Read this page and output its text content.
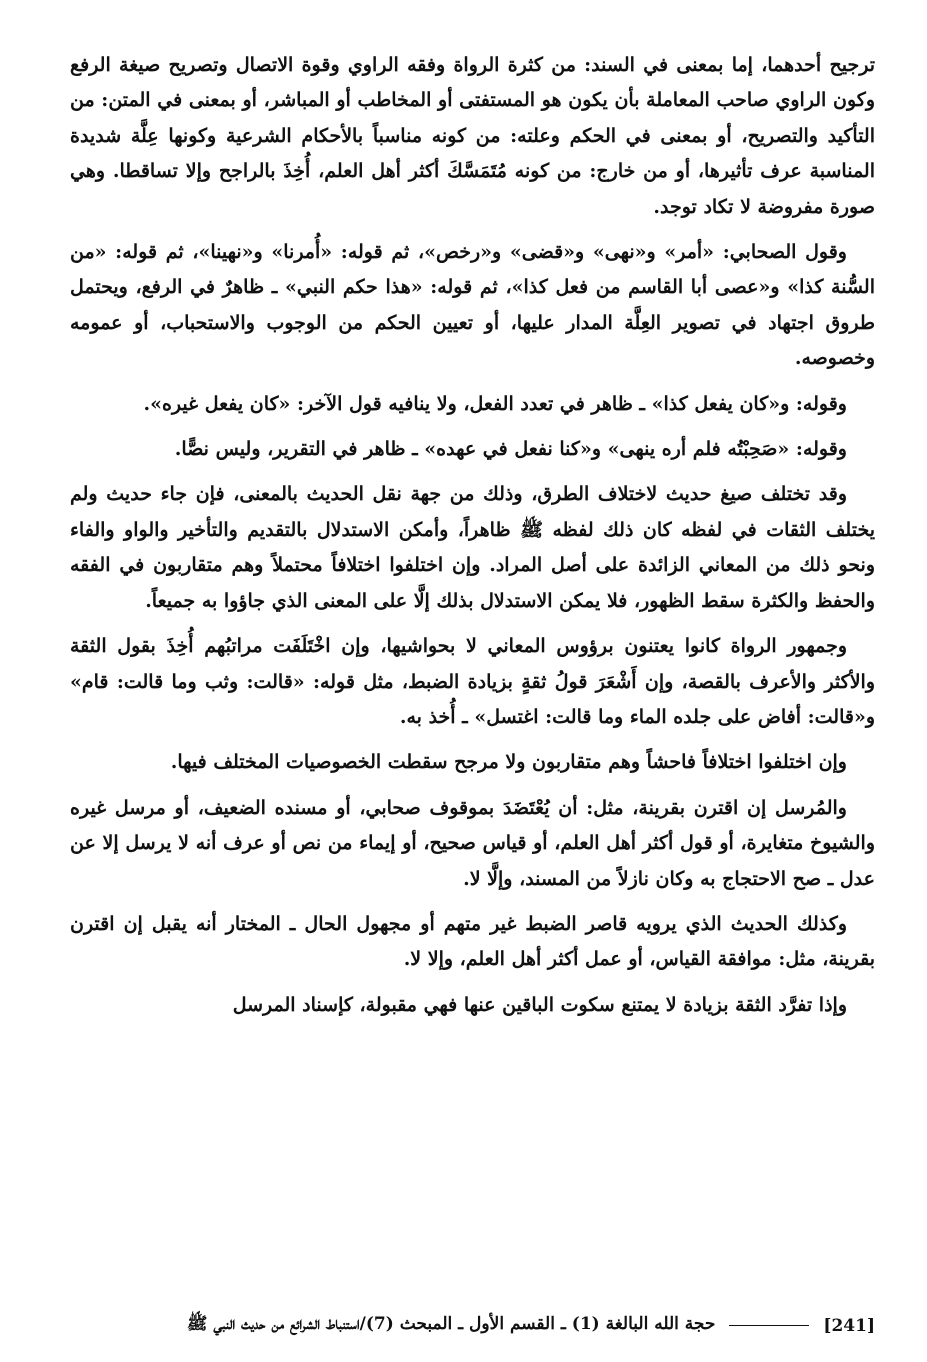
ترجيح أحدهما، إما بمعنى في السند: من كثرة الرواة وفقه الراوي وقوة الاتصال وتصريح صيغة الرفع وكون الراوي صاحب المعاملة بأن يكون هو المستفتى أو المخاطب أو المباشر، أو بمعنى في المتن: من التأكيد والتصريح، أو بمعنى في الحكم وعلته: من كونه مناسباً بالأحكام الشرعية وكونها عِلَّة شديدة المناسبة عرف تأثيرها، أو من خارج: من كونه مُتَمَسَّكَ أكثر أهل العلم، أُخِذَ بالراجح وإلا تساقطا. وهي صورة مفروضة لا تكاد توجد.

وقول الصحابي: «أمر» و«نهى» و«قضى» و«رخص»، ثم قوله: «أُمرنا» و«نهينا»، ثم قوله: «من السُّنة كذا» و«عصى أبا القاسم من فعل كذا»، ثم قوله: «هذا حكم النبي» ـ ظاهرٌ في الرفع، ويحتمل طروق اجتهاد في تصوير العِلَّة المدار عليها، أو تعيين الحكم من الوجوب والاستحباب، أو عمومه وخصوصه.

وقوله: و«كان يفعل كذا» ـ ظاهر في تعدد الفعل، ولا ينافيه قول الآخر: «كان يفعل غيره».

وقوله: «صَحِبْتُه فلم أره ينهى» و«كنا نفعل في عهده» ـ ظاهر في التقرير، وليس نصًّا.

وقد تختلف صيغ حديث لاختلاف الطرق، وذلك من جهة نقل الحديث بالمعنى، فإن جاء حديث ولم يختلف الثقات في لفظه كان ذلك لفظه ﷺ ظاهراً، وأمكن الاستدلال بالتقديم والتأخير والواو والفاء ونحو ذلك من المعاني الزائدة على أصل المراد. وإن اختلفوا اختلافاً محتملاً وهم متقاربون في الفقه والحفظ والكثرة سقط الظهور، فلا يمكن الاستدلال بذلك إلَّا على المعنى الذي جاؤوا به جميعاً.

وجمهور الرواة كانوا يعتنون برؤوس المعاني لا بحواشيها، وإن اخْتَلَفَت مراتبُهم أُخِذَ بقول الثقة والأكثر والأعرف بالقصة، وإن أَشْعَرَ قولُ ثقةٍ بزيادة الضبط، مثل قوله: «قالت: وثب وما قالت: قام» و«قالت: أفاض على جلده الماء وما قالت: اغتسل» ـ أُخذ به.

وإن اختلفوا اختلافاً فاحشاً وهم متقاربون ولا مرجح سقطت الخصوصيات المختلف فيها.

والمُرسل إن اقترن بقرينة، مثل: أن يُعْتَضَدَ بموقوف صحابي، أو مسنده الضعيف، أو مرسل غيره والشيوخ متغايرة، أو قول أكثر أهل العلم، أو قياس صحيح، أو إيماء من نص أو عرف أنه لا يرسل إلا عن عدل ـ صح الاحتجاج به وكان نازلاً من المسند، وإلَّا لا.

وكذلك الحديث الذي يرويه قاصر الضبط غير متهم أو مجهول الحال ـ المختار أنه يقبل إن اقترن بقرينة، مثل: موافقة القياس، أو عمل أكثر أهل العلم، وإلا لا.

وإذا تفرَّد الثقة بزيادة لا يمتنع سكوت الباقين عنها فهي مقبولة، كإسناد المرسل

[241]
حجة الله البالغة (1) ـ القسم الأول ـ المبحث (7)/استنباط الشرائع من حديث النبي ﷺ
